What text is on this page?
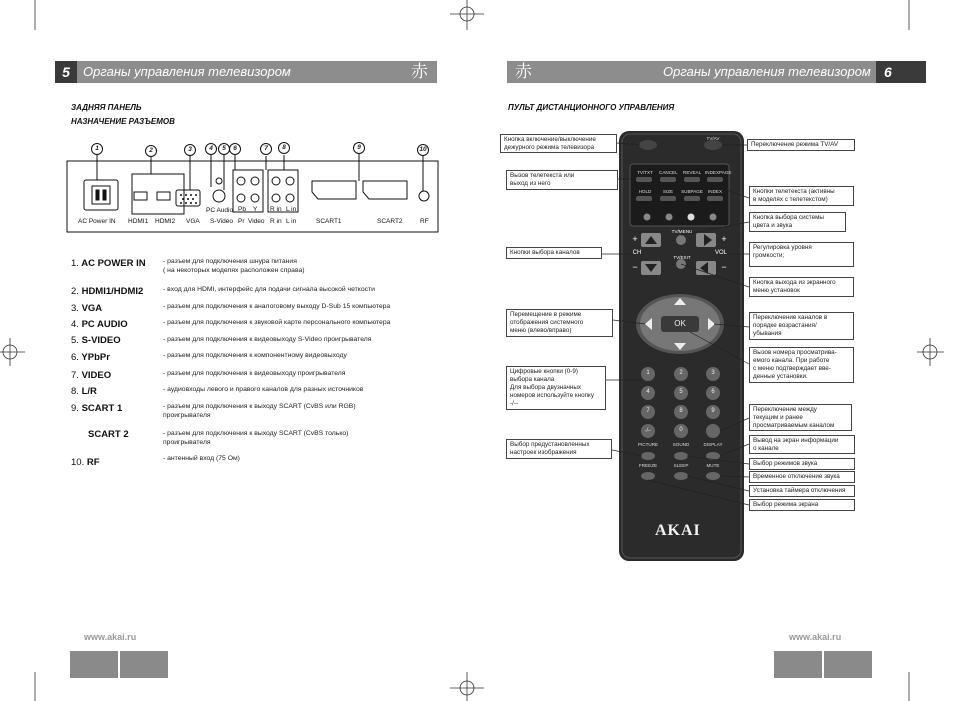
5	Органы управления телевизором	赤
ЗАДНЯЯ ПАНЕЛЬ
НАЗНАЧЕНИЕ РАЗЪЕМОВ
1	2	3	4	5	6	7	8	9	10
AC Power IN HDMI1 HDMI2 VGA
PC Audio
S-Video
Pb Y
Pr Video
R in L in
R in L in	SCART1	SCART2	RF
1. AC POWER IN	- разъем для подключения шнура питания
( на некоторых моделях расположен справа)
2. HDMI1/HDMI2	- вход для HDMI, интерфейс для подачи сигнала высокой четкости
3. VGA	- разъем для подключения к аналоговому выходу D-Sub 15 компьютера
4. PC AUDIO	- разъем для подключения к звуковой карте персонального компьютера
5. S-VIDEO	- разъем для подключения к видеовыходу S-Video проигрывателя
6. YPbPr	- разъем для подключения к компонентному видеовыходу
7. VIDEO	- разъем для подключения к видеовыходу проигрывателя
8. L/R	- аудиовходы левого и правого каналов для разных источников
9. SCART 1	- разъем для подключения к выходу SCART (CvBS или RGB)
проигрывателя
SCART 2	- разъем для подключения к выходу SCART (CvBS только)
проигрывателя
10. RF	- антенный вход (75 Ом)
www.akai.ru
赤	Органы управления телевизором 6
ПУЛЬТ ДИСТАНЦИОННОГО УПРАВЛЕНИЯ
TV/AV
TV/TXT CANCEL REVEAL INDEXPAGE
HOLD	SIZE	SUBPAGE	INDEX
TV/MENU
TV/EXIT
CH	VOL
+
−
+
−
OK
1	2	3
4	5	6
7	8	9
-/--	0
PICTURE	SOUND	DISPLAY
FREEZE	SLEEP	MUTE
AKAI
Кнопка включение/выключение
дежурного режима телевизора
Вызов телетекста или
выход из него
Кнопки выбора каналов
Перемещение в режиме
отображения системного
меню (влево/вправо)
Цифровые кнопки (0-9)
выбора канала
Для выбора двузначных
номеров используйте кнопку
-/--
Выбор предустановленных
настроек изображения
Переключение режима TV/AV
Кнопки телетекста (активны
в моделях с телетекстом)
Кнопка выбора системы
цвета и звука
Регулировка уровня
громкости;
Кнопка выхода из экранного
меню установок
Переключение каналов в
порядке возрастания/
убывания
Вызов номера просматрива-
емого канала. При работе
с меню подтверждает вве-
денные установки.
Переключение между
текущим и ранее
просматриваемым каналом
Вывод на экран информации
о канале
Выбор режимов звука
Временное отключение звука
Установка таймера отключения
Выбор режима экрана
www.akai.ru
